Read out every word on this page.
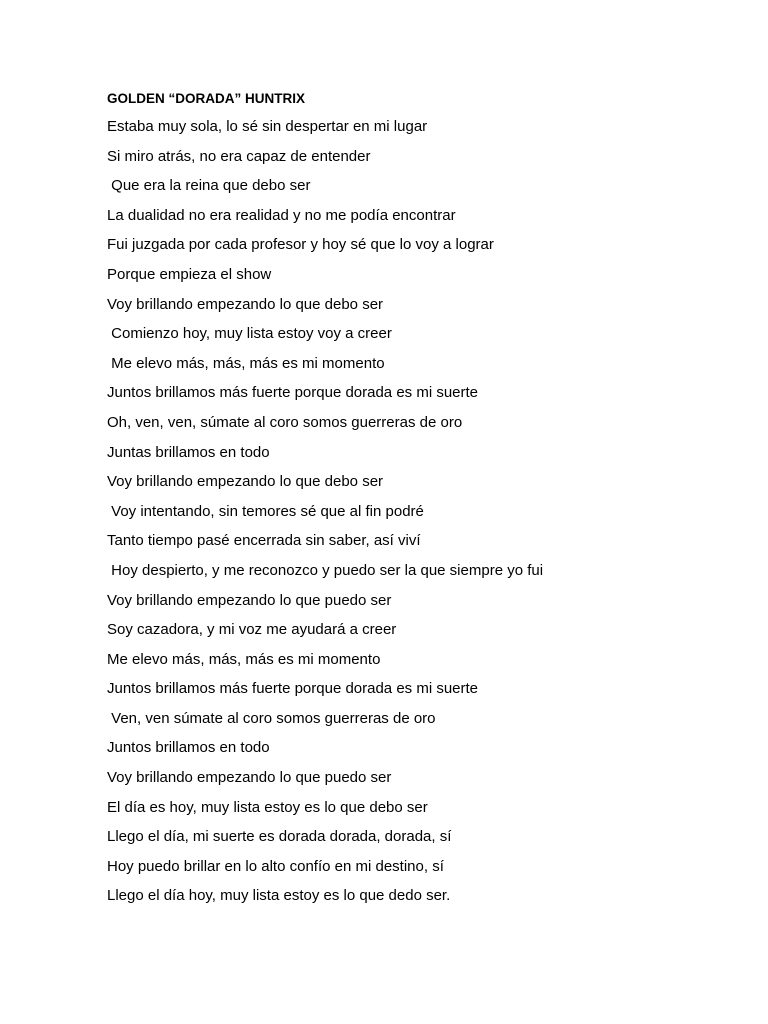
GOLDEN “DORADA” HUNTRIX
Estaba muy sola, lo sé sin despertar en mi lugar
Si miro atrás, no era capaz de entender
Que era la reina que debo ser
La dualidad no era realidad y no me podía encontrar
Fui juzgada por cada profesor y hoy sé que lo voy a lograr
Porque empieza el show
Voy brillando empezando lo que debo ser
Comienzo hoy, muy lista estoy voy a creer
Me elevo más, más, más es mi momento
Juntos brillamos más fuerte porque dorada es mi suerte
Oh, ven, ven, súmate al coro somos guerreras de oro
Juntas brillamos en todo
Voy brillando empezando lo que debo ser
Voy intentando, sin temores sé que al fin podré
Tanto tiempo pasé encerrada sin saber, así viví
Hoy despierto, y me reconozco y puedo ser la que siempre yo fui
Voy brillando empezando lo que puedo ser
Soy cazadora, y mi voz me ayudará a creer
Me elevo más, más, más es mi momento
Juntos brillamos más fuerte porque dorada es mi suerte
Ven, ven súmate al coro somos guerreras de oro
Juntos brillamos en todo
Voy brillando empezando lo que puedo ser
El día es hoy, muy lista estoy es lo que debo ser
Llego el día, mi suerte es dorada dorada, dorada, sí
Hoy puedo brillar en lo alto confío en mi destino, sí
Llego el día hoy, muy lista estoy es lo que dedo ser.
